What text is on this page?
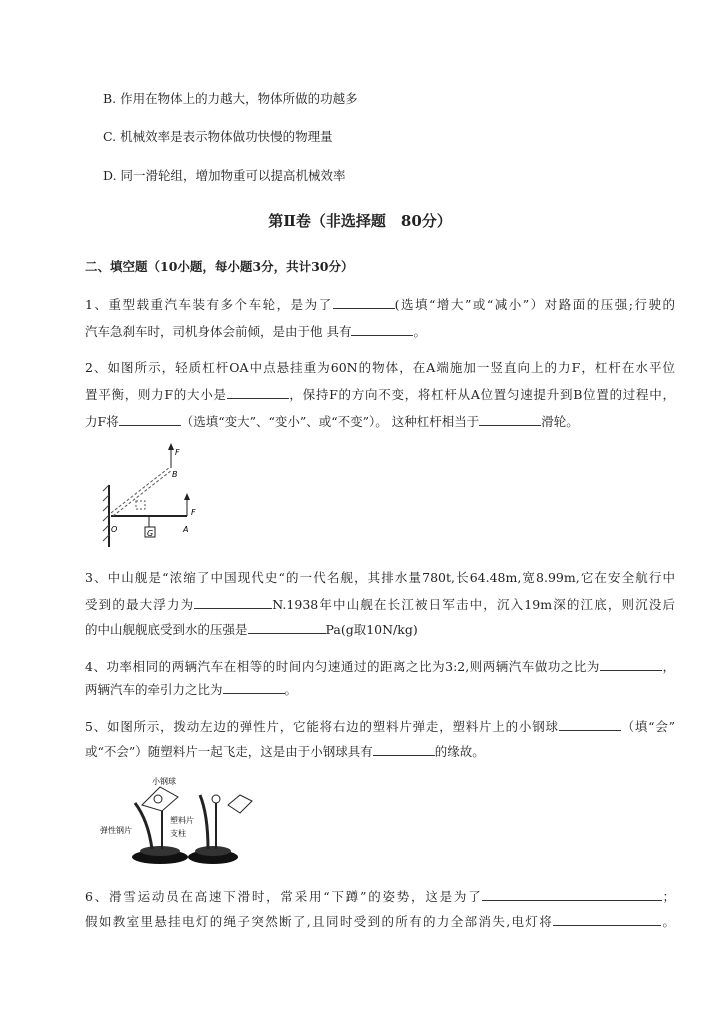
B. 作用在物体上的力越大，物体所做的功越多
C. 机械效率是表示物体做功快慢的物理量
D. 同一滑轮组，增加物重可以提高机械效率
第Ⅱ卷（非选择题　80分）
二、填空题（10小题，每小题3分，共计30分）
1、重型载重汽车装有多个车轮，是为了	(选填“增大”或“减小”）对路面的压强;行驶的
汽车急刹车时，司机身体会前倾，是由于他 具有	。
2、如图所示，轻质杠杆OA中点悬挂重为60N的物体，在A端施加一竖直向上的力F，杠杆在水平位
置平衡，则力F的大小是	，保持F的方向不变，将杠杆从A位置匀速提升到B位置的过程中，
力F将	（选填“变大”、“变小”、或“不变”）。 这种杠杆相当于	滑轮。
F
B
F
O	A
G
3、中山舰是“浓缩了中国现代史“的一代名舰，其排水量780t,长64.48m,宽8.99m,它在安全航行中
受到的最大浮力为	N.1938年中山舰在长江被日军击中，沉入19m深的江底，则沉没后
的中山舰舰底受到水的压强是	Pa(g取10N/kg)
4、功率相同的两辆汽车在相等的时间内匀速通过的距离之比为3:2,则两辆汽车做功之比为	，
两辆汽车的牵引力之比为	。
5、如图所示，拨动左边的弹性片，它能将右边的塑料片弹走，塑料片上的小钢球	（填“会”
或“不会”）随塑料片一起飞走，这是由于小钢球具有	的缘故。
小钢球
塑料片
弹性钢片	支柱
6、滑雪运动员在高速下滑时，常采用“下蹲”的姿势，这是为了	；
假如教室里悬挂电灯的绳子突然断了,且同时受到的所有的力全部消失,电灯将	。
